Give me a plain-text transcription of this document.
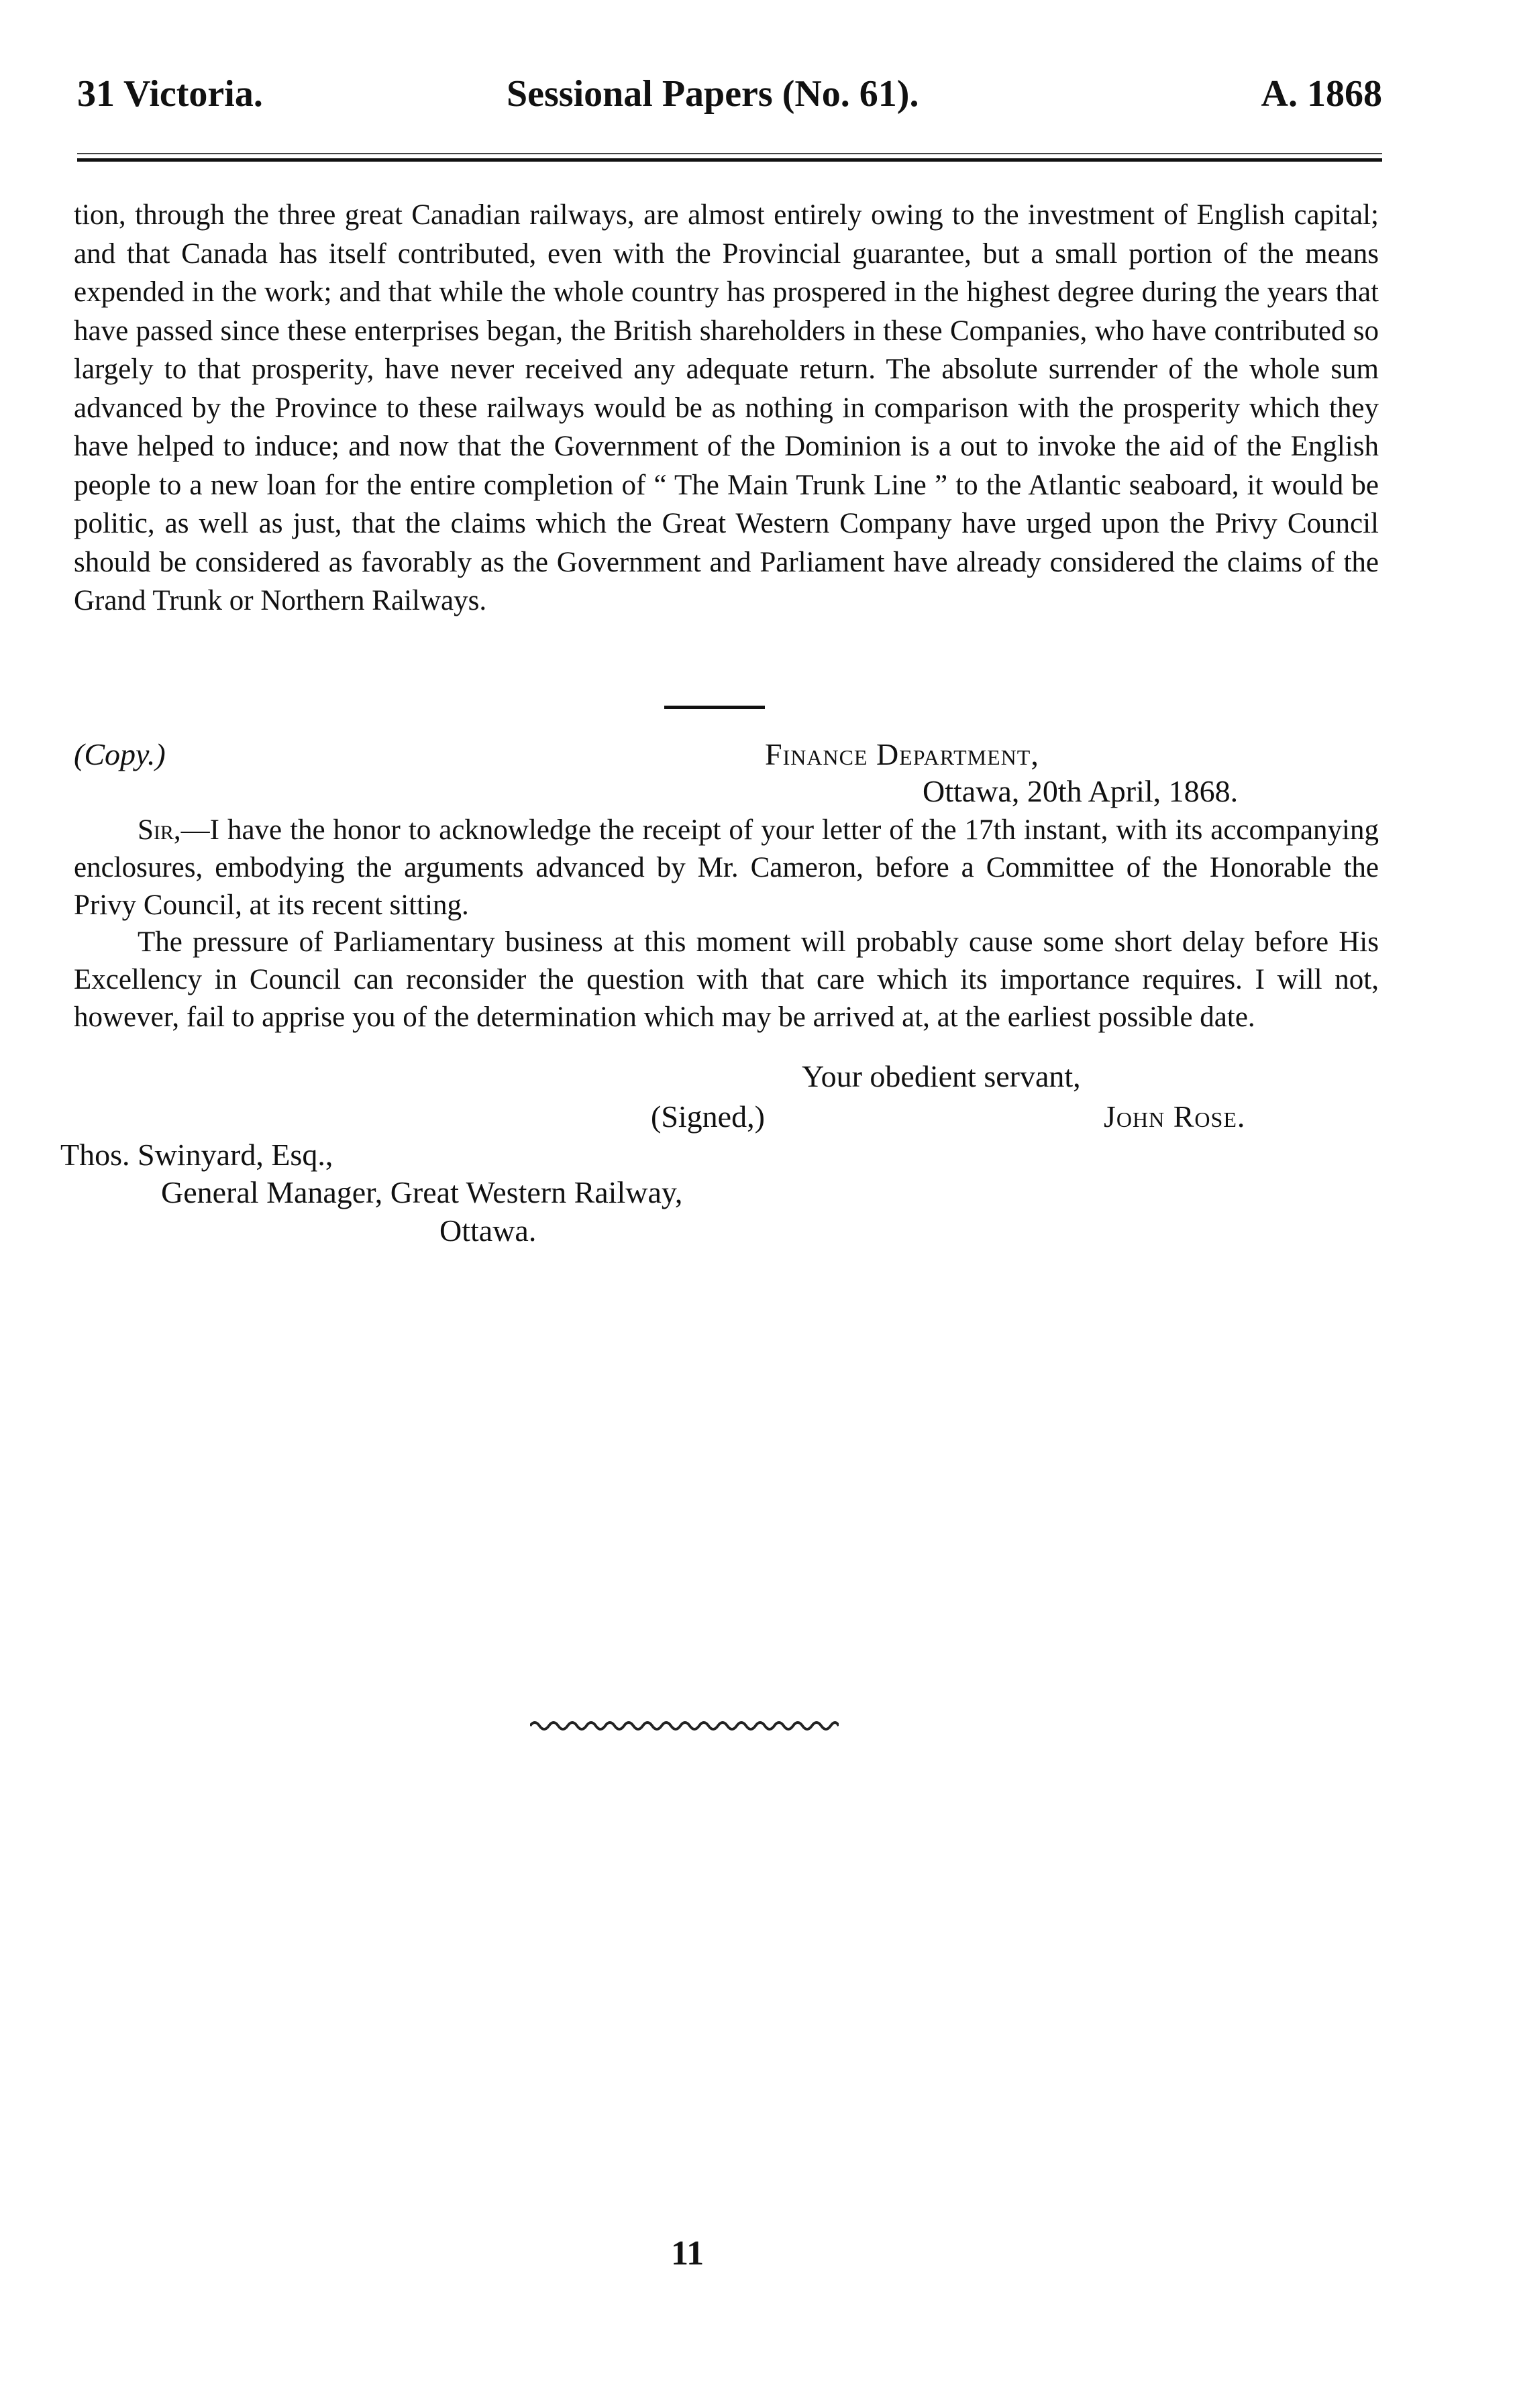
31 Victoria.	Sessional Papers (No. 61).	A. 1868

tion, through the three great Canadian railways, are almost entirely owing to the investment of English capital; and that Canada has itself contributed, even with the Provincial guarantee, but a small portion of the means expended in the work; and that while the whole country has prospered in the highest degree during the years that have passed since these enterprises began, the British shareholders in these Companies, who have contributed so largely to that prosperity, have never received any adequate return. The absolute surrender of the whole sum advanced by the Province to these railways would be as nothing in comparison with the prosperity which they have helped to induce; and now that the Government of the Dominion is a out to invoke the aid of the English people to a new loan for the entire completion of “ The Main Trunk Line ” to the Atlantic seaboard, it would be politic, as well as just, that the claims which the Great Western Company have urged upon the Privy Council should be considered as favorably as the Government and Parliament have already considered the claims of the Grand Trunk or Northern Railways.

(Copy.)	Finance Department,
Ottawa, 20th April, 1868.

Sir,—I have the honor to acknowledge the receipt of your letter of the 17th instant, with its accompanying enclosures, embodying the arguments advanced by Mr. Cameron, before a Committee of the Honorable the Privy Council, at its recent sitting.

The pressure of Parliamentary business at this moment will probably cause some short delay before His Excellency in Council can reconsider the question with that care which its importance requires. I will not, however, fail to apprise you of the determination which may be arrived at, at the earliest possible date.

Your obedient servant,
(Signed,)	John Rose.
Thos. Swinyard, Esq.,
General Manager, Great Western Railway,
Ottawa.
11
